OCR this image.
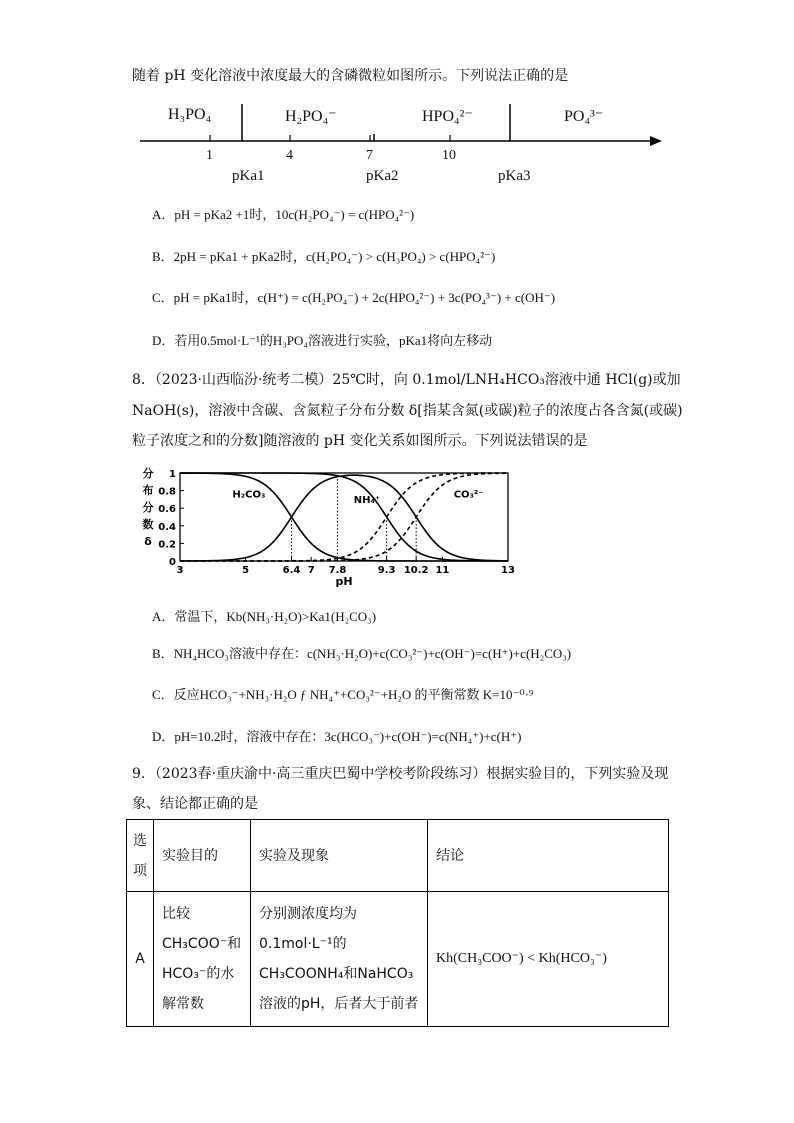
随着 pH 变化溶液中浓度最大的含磷微粒如图所示。下列说法正确的是
H₃PO₄	H₂PO₄⁻	HPO₄²⁻	PO₄³⁻
1	4	7	10
pKa1	pKa2	pKa3
A．pH = pKa2 +1时，10c(H₂PO₄⁻) = c(HPO₄²⁻)
B．2pH = pKa1 + pKa2时，c(H₂PO₄⁻) > c(H₃PO₄) > c(HPO₄²⁻)
C．pH = pKa1时，c(H⁺) = c(H₂PO₄⁻) + 2c(HPO₄²⁻) + 3c(PO₄³⁻) + c(OH⁻)
D．若用0.5mol·L⁻¹的H₃PO₄溶液进行实验，pKa1将向左移动
8．（2023·山西临汾·统考二模）25℃时，向 0.1mol/LNH₄HCO₃溶液中通 HCl(g)或加
NaOH(s)，溶液中含碳、含氮粒子分布分数 δ[指某含氮(或碳)粒子的浓度占各含氮(或碳)
粒子浓度之和的分数]随溶液的 pH 变化关系如图所示。下列说法错误的是
0
0.2
0.4
0.6
0.8
1
分
布
分
数
δ
3	5	6.4 7 7.8	9.3 10.2 11	13
pH
H₂CO₃	NH₄⁺	CO₃²⁻
A．常温下，Kb(NH₃·H₂O)>Ka1(H₂CO₃)
B．NH₄HCO₃溶液中存在：c(NH₃·H₂O)+c(CO₃²⁻)+c(OH⁻)=c(H⁺)+c(H₂CO₃)
C．反应HCO₃⁻+NH₃·H₂O ƒ NH₄⁺+CO₃²⁻+H₂O 的平衡常数 K=10⁻⁰·⁹
D．pH=10.2时，溶液中存在：3c(HCO₃⁻)+c(OH⁻)=c(NH₄⁺)+c(H⁺)
9．（2023春·重庆渝中·高三重庆巴蜀中学校考阶段练习）根据实验目的，下列实验及现
象、结论都正确的是
选项	实验目的	实验及现象	结论
A	比较CH₃COO⁻和HCO₃⁻的水解常数	分别测浓度均为0.1mol·L⁻¹的CH₃COONH₄和NaHCO₃溶液的pH，后者大于前者	Kh(CH₃COO⁻) < Kh(HCO₃⁻)
